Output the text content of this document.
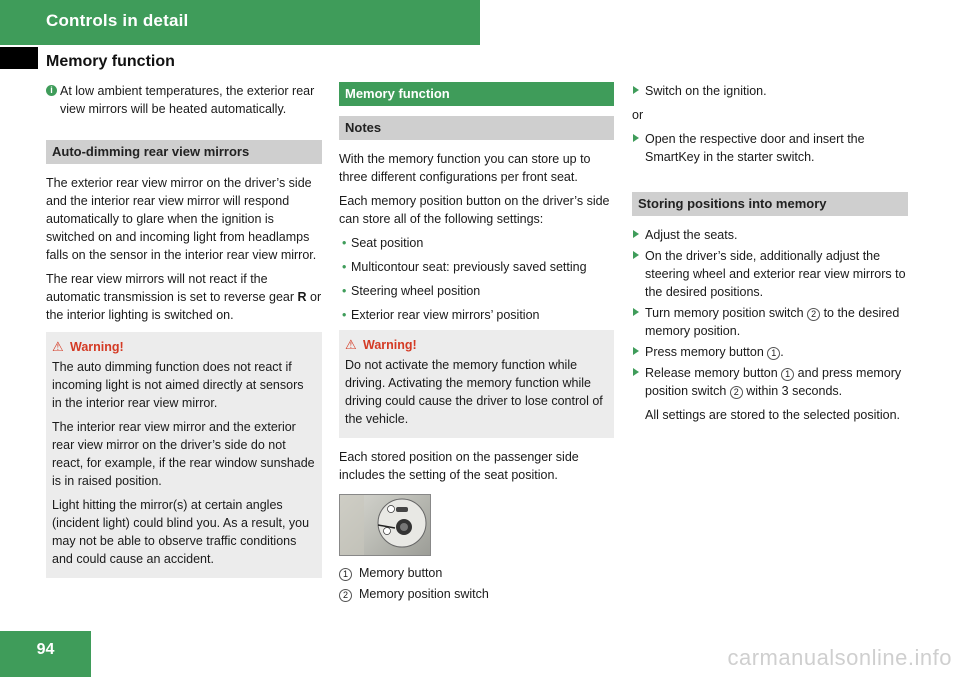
Controls in detail
Memory function

i At low ambient temperatures, the exterior rear view mirrors will be heated automatically.

Auto-dimming rear view mirrors

The exterior rear view mirror on the driver’s side and the interior rear view mirror will respond automatically to glare when the ignition is switched on and incoming light from headlamps falls on the sensor in the interior rear view mirror.

The rear view mirrors will not react if the automatic transmission is set to reverse gear R or the interior lighting is switched on.

⚠ Warning!

The auto dimming function does not react if incoming light is not aimed directly at sensors in the interior rear view mirror.

The interior rear view mirror and the exterior rear view mirror on the driver’s side do not react, for example, if the rear window sunshade is in raised position.

Light hitting the mirror(s) at certain angles (incident light) could blind you. As a result, you may not be able to observe traffic conditions and could cause an accident.

Memory function
Notes

With the memory function you can store up to three different configurations per front seat.

Each memory position button on the driver’s side can store all of the following settings:

• Seat position
• Multicontour seat: previously saved setting
• Steering wheel position
• Exterior rear view mirrors’ position
⚠ Warning!

Do not activate the memory function while driving. Activating the memory function while driving could cause the driver to lose control of the vehicle.

Each stored position on the passenger side includes the setting of the seat position.

1 Memory button
2 Memory position switch
Switch on the ignition.

or

Open the respective door and insert the SmartKey in the starter switch.
Storing positions into memory
Adjust the seats.
On the driver’s side, additionally adjust the steering wheel and exterior rear view mirrors to the desired positions.
Turn memory position switch 2 to the desired memory position.
Press memory button 1 .
Release memory button 1 and press memory position switch 2 within 3 seconds.

All settings are stored to the selected position.

94	carmanualsonline.info
